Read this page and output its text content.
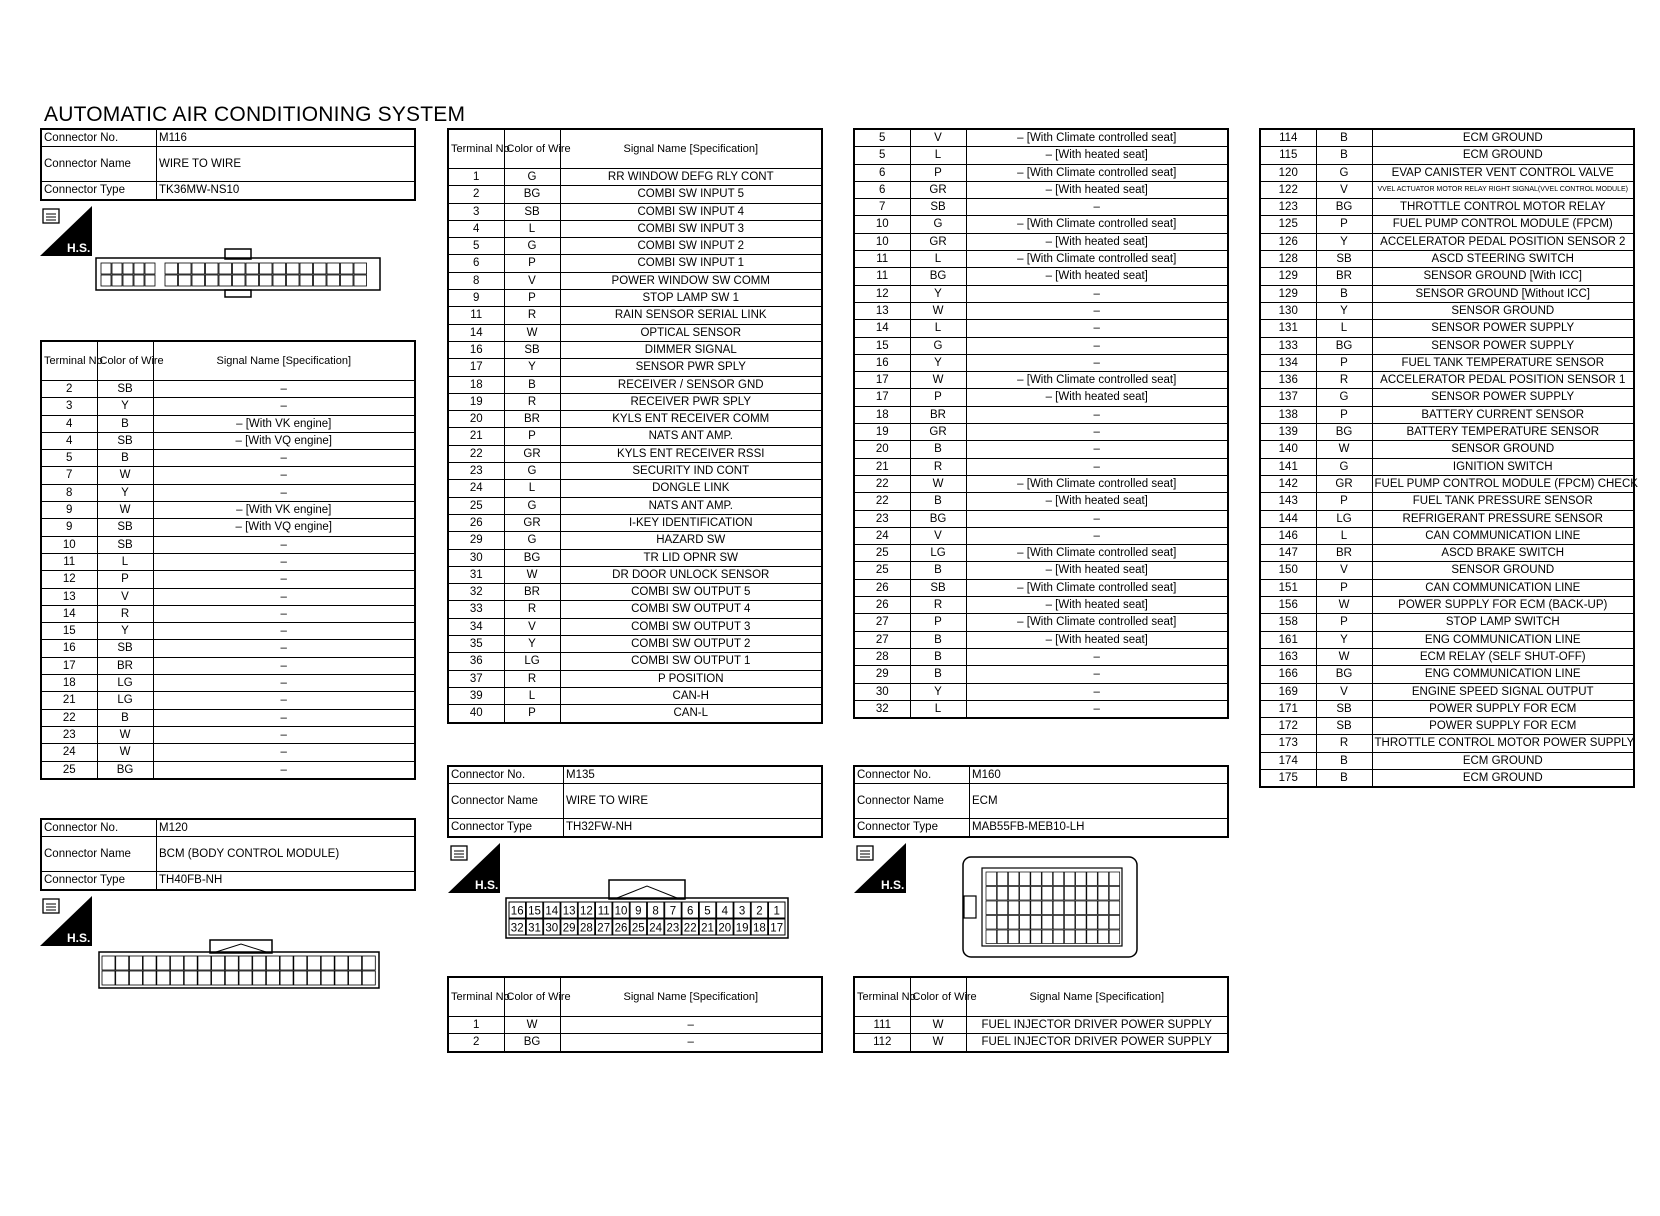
AUTOMATIC AIR CONDITIONING SYSTEM
Connector No.	M116
Connector Name	WIRE TO WIRE
Connector Type	TK36MW-NS10
H.S.
Terminal No.	Color of Wire	Signal Name [Specification]
2	SB	–
3	Y	–
4	B	– [With VK engine]
4	SB	– [With VQ engine]
5	B	–
7	W	–
8	Y	–
9	W	– [With VK engine]
9	SB	– [With VQ engine]
10	SB	–
11	L	–
12	P	–
13	V	–
14	R	–
15	Y	–
16	SB	–
17	BR	–
18	LG	–
21	LG	–
22	B	–
23	W	–
24	W	–
25	BG	–
Connector No.	M120
Connector Name	BCM (BODY CONTROL MODULE)
Connector Type	TH40FB-NH
H.S.
Terminal No.	Color of Wire	Signal Name [Specification]
1	G	RR WINDOW DEFG RLY CONT
2	BG	COMBI SW INPUT 5
3	SB	COMBI SW INPUT 4
4	L	COMBI SW INPUT 3
5	G	COMBI SW INPUT 2
6	P	COMBI SW INPUT 1
8	V	POWER WINDOW SW COMM
9	P	STOP LAMP SW 1
11	R	RAIN SENSOR SERIAL LINK
14	W	OPTICAL SENSOR
16	SB	DIMMER SIGNAL
17	Y	SENSOR PWR SPLY
18	B	RECEIVER / SENSOR GND
19	R	RECEIVER PWR SPLY
20	BR	KYLS ENT RECEIVER COMM
21	P	NATS ANT AMP.
22	GR	KYLS ENT RECEIVER RSSI
23	G	SECURITY IND CONT
24	L	DONGLE LINK
25	G	NATS ANT AMP.
26	GR	I-KEY IDENTIFICATION
29	G	HAZARD SW
30	BG	TR LID OPNR SW
31	W	DR DOOR UNLOCK SENSOR
32	BR	COMBI SW OUTPUT 5
33	R	COMBI SW OUTPUT 4
34	V	COMBI SW OUTPUT 3
35	Y	COMBI SW OUTPUT 2
36	LG	COMBI SW OUTPUT 1
37	R	P POSITION
39	L	CAN-H
40	P	CAN-L
Connector No.	M135
Connector Name	WIRE TO WIRE
Connector Type	TH32FW-NH
H.S.
16 15 14 13 12 11 10 9 8 7 6 5 4 3 2 1
32 31 30 29 28 27 26 25 24 23 22 21 20 19 18 17
Terminal No.	Color of Wire	Signal Name [Specification]
1	W	–
2	BG	–
5	V	– [With Climate controlled seat]
5	L	– [With heated seat]
6	P	– [With Climate controlled seat]
6	GR	– [With heated seat]
7	SB	–
10	G	– [With Climate controlled seat]
10	GR	– [With heated seat]
11	L	– [With Climate controlled seat]
11	BG	– [With heated seat]
12	Y	–
13	W	–
14	L	–
15	G	–
16	Y	–
17	W	– [With Climate controlled seat]
17	P	– [With heated seat]
18	BR	–
19	GR	–
20	B	–
21	R	–
22	W	– [With Climate controlled seat]
22	B	– [With heated seat]
23	BG	–
24	V	–
25	LG	– [With Climate controlled seat]
25	B	– [With heated seat]
26	SB	– [With Climate controlled seat]
26	R	– [With heated seat]
27	P	– [With Climate controlled seat]
27	B	– [With heated seat]
28	B	–
29	B	–
30	Y	–
32	L	–
Connector No.	M160
Connector Name	ECM
Connector Type	MAB55FB-MEB10-LH
H.S.
Terminal No.	Color of Wire	Signal Name [Specification]
111	W	FUEL INJECTOR DRIVER POWER SUPPLY
112	W	FUEL INJECTOR DRIVER POWER SUPPLY
114	B	ECM GROUND
115	B	ECM GROUND
120	G	EVAP CANISTER VENT CONTROL VALVE
122	V	VVEL ACTUATOR MOTOR RELAY RIGHT SIGNAL(VVEL CONTROL MODULE)
123	BG	THROTTLE CONTROL MOTOR RELAY
125	P	FUEL PUMP CONTROL MODULE (FPCM)
126	Y	ACCELERATOR PEDAL POSITION SENSOR 2
128	SB	ASCD STEERING SWITCH
129	BR	SENSOR GROUND [With ICC]
129	B	SENSOR GROUND [Without ICC]
130	Y	SENSOR GROUND
131	L	SENSOR POWER SUPPLY
133	BG	SENSOR POWER SUPPLY
134	P	FUEL TANK TEMPERATURE SENSOR
136	R	ACCELERATOR PEDAL POSITION SENSOR 1
137	G	SENSOR POWER SUPPLY
138	P	BATTERY CURRENT SENSOR
139	BG	BATTERY TEMPERATURE SENSOR
140	W	SENSOR GROUND
141	G	IGNITION SWITCH
142	GR	FUEL PUMP CONTROL MODULE (FPCM) CHECK
143	P	FUEL TANK PRESSURE SENSOR
144	LG	REFRIGERANT PRESSURE SENSOR
146	L	CAN COMMUNICATION LINE
147	BR	ASCD BRAKE SWITCH
150	V	SENSOR GROUND
151	P	CAN COMMUNICATION LINE
156	W	POWER SUPPLY FOR ECM (BACK-UP)
158	P	STOP LAMP SWITCH
161	Y	ENG COMMUNICATION LINE
163	W	ECM RELAY (SELF SHUT-OFF)
166	BG	ENG COMMUNICATION LINE
169	V	ENGINE SPEED SIGNAL OUTPUT
171	SB	POWER SUPPLY FOR ECM
172	SB	POWER SUPPLY FOR ECM
173	R	THROTTLE CONTROL MOTOR POWER SUPPLY
174	B	ECM GROUND
175	B	ECM GROUND
